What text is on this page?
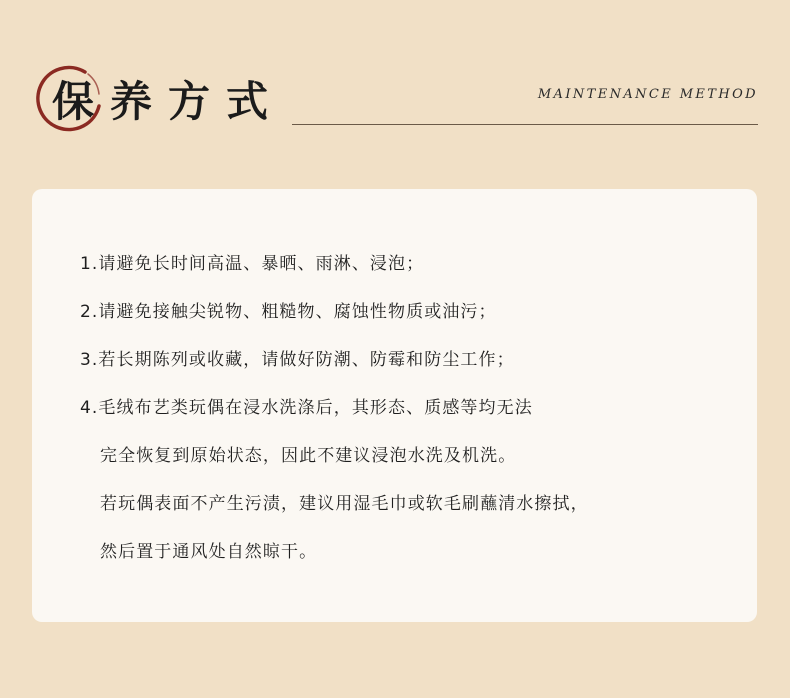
保养方式	MAINTENANCE METHOD
1.请避免长时间高温、暴晒、雨淋、浸泡；
2.请避免接触尖锐物、粗糙物、腐蚀性物质或油污；
3.若长期陈列或收藏，请做好防潮、防霉和防尘工作；
4.毛绒布艺类玩偶在浸水洗涤后，其形态、质感等均无法
完全恢复到原始状态，因此不建议浸泡水洗及机洗。
若玩偶表面不产生污渍，建议用湿毛巾或软毛刷蘸清水擦拭，
然后置于通风处自然晾干。
